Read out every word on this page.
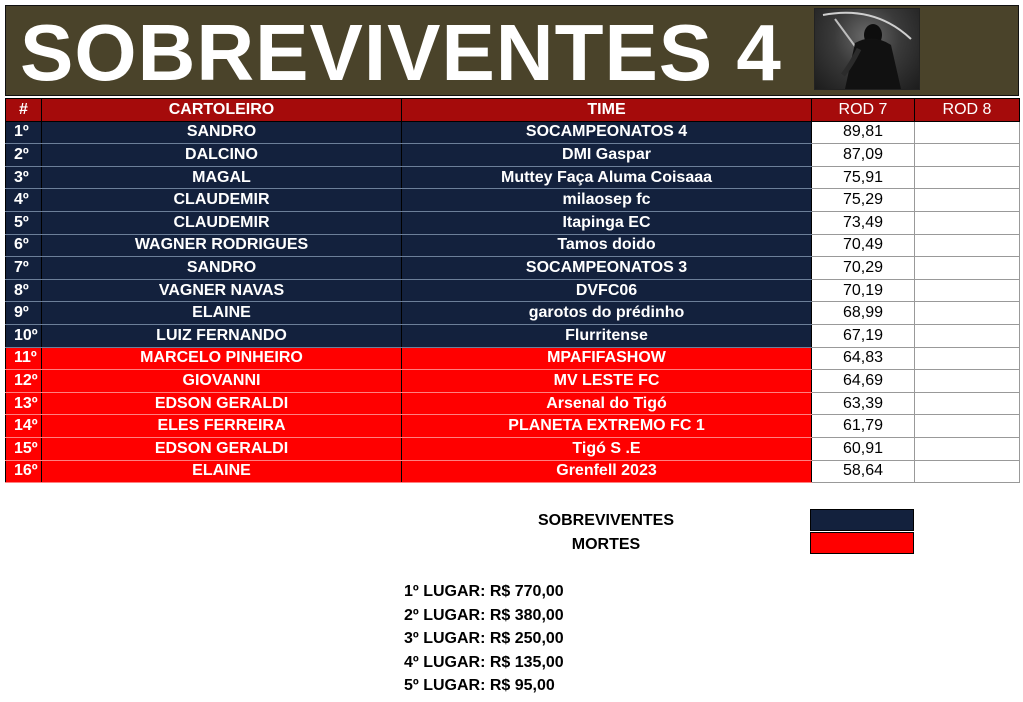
SOBREVIVENTES 4
#	CARTOLEIRO	TIME	ROD 7	ROD 8
1º	SANDRO	SOCAMPEONATOS 4	89,81	
2º	DALCINO	DMI Gaspar	87,09	
3º	MAGAL	Muttey Faça Aluma Coisaaa	75,91	
4º	CLAUDEMIR	milaosep fc	75,29	
5º	CLAUDEMIR	Itapinga EC	73,49	
6º	WAGNER RODRIGUES	Tamos doido	70,49	
7º	SANDRO	SOCAMPEONATOS 3	70,29	
8º	VAGNER NAVAS	DVFC06	70,19	
9º	ELAINE	garotos do prédinho	68,99	
10º	LUIZ FERNANDO	Flurritense	67,19	
11º	MARCELO PINHEIRO	MPAFIFASHOW	64,83	
12º	GIOVANNI	MV LESTE FC	64,69	
13º	EDSON GERALDI	Arsenal do Tigó	63,39	
14º	ELES FERREIRA	PLANETA EXTREMO FC 1	61,79	
15º	EDSON GERALDI	Tigó S .E	60,91	
16º	ELAINE	Grenfell 2023	58,64	
SOBREVIVENTES
MORTES
1º LUGAR: R$ 770,00
2º LUGAR: R$ 380,00
3º LUGAR: R$ 250,00
4º LUGAR: R$ 135,00
5º LUGAR: R$ 95,00
